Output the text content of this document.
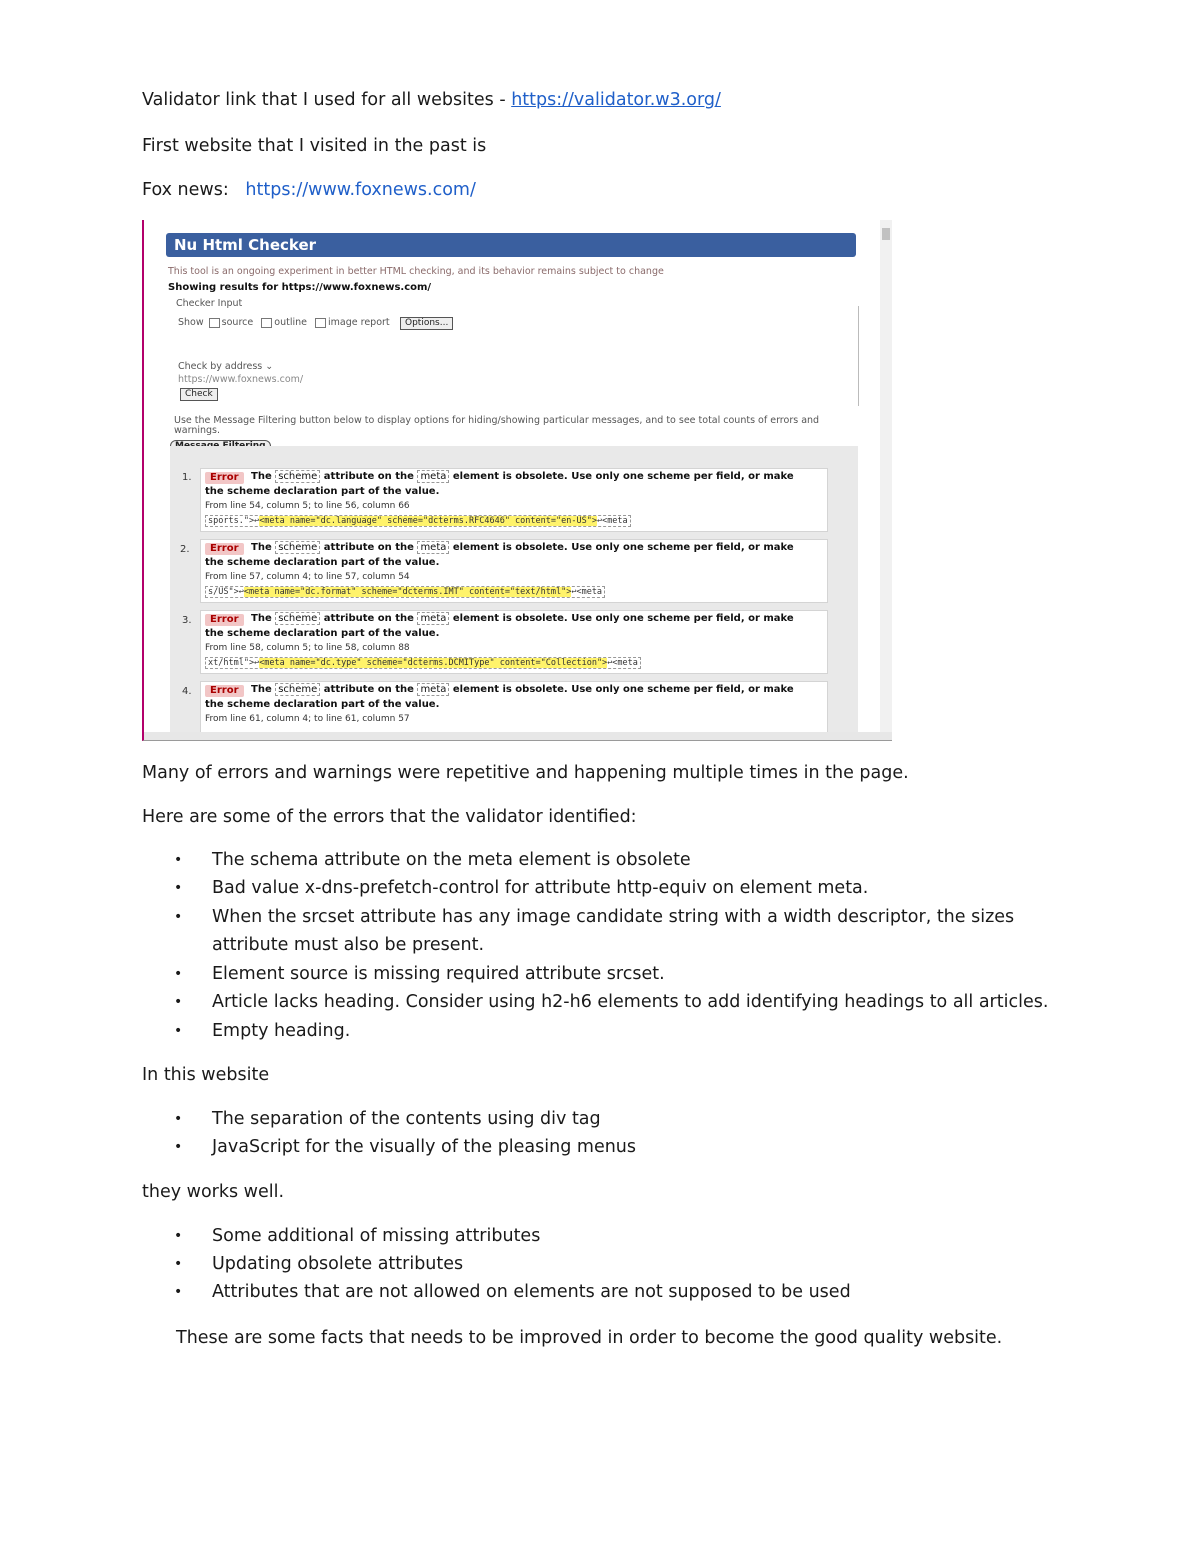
Validator link that I used for all websites - https://validator.w3.org/
First website that I visited in the past is
Fox news: https://www.foxnews.com/
Nu Html Checker
This tool is an ongoing experiment in better HTML checking, and its behavior remains subject to change
Showing results for https://www.foxnews.com/
Checker Input
Show source outline image report	Options...
Check by address ⌄
https://www.foxnews.com/
Check
Use the Message Filtering button below to display options for hiding/showing particular messages, and to see total counts of errors and warnings.
1.	Error	The scheme attribute on the meta element is obsolete. Use only one scheme per field, or make
the scheme declaration part of the value.
From line 54, column 5; to line 56, column 66
sports.">↩<meta name="dc.language" scheme="dcterms.RFC4646" content="en-US">↩<meta
2.	Error	The scheme attribute on the meta element is obsolete. Use only one scheme per field, or make
the scheme declaration part of the value.
From line 57, column 4; to line 57, column 54
s/US">↩<meta name="dc.format" scheme="dcterms.IMT" content="text/html">↩<meta
3.	Error	The scheme attribute on the meta element is obsolete. Use only one scheme per field, or make
the scheme declaration part of the value.
From line 58, column 5; to line 58, column 88
xt/html">↩<meta name="dc.type" scheme="dcterms.DCMIType" content="Collection">↩<meta
4.	Error	The scheme attribute on the meta element is obsolete. Use only one scheme per field, or make
the scheme declaration part of the value.
From line 61, column 4; to line 61, column 57
Many of errors and warnings were repetitive and happening multiple times in the page.
Here are some of the errors that the validator identified:
• The schema attribute on the meta element is obsolete
• Bad value x-dns-prefetch-control for attribute http-equiv on element meta.
• When the srcset attribute has any image candidate string with a width descriptor, the sizes
attribute must also be present.
• Element source is missing required attribute srcset.
• Article lacks heading. Consider using h2-h6 elements to add identifying headings to all articles.
• Empty heading.
In this website
• The separation of the contents using div tag
• JavaScript for the visually of the pleasing menus
they works well.
• Some additional of missing attributes
• Updating obsolete attributes
• Attributes that are not allowed on elements are not supposed to be used
These are some facts that needs to be improved in order to become the good quality website.
